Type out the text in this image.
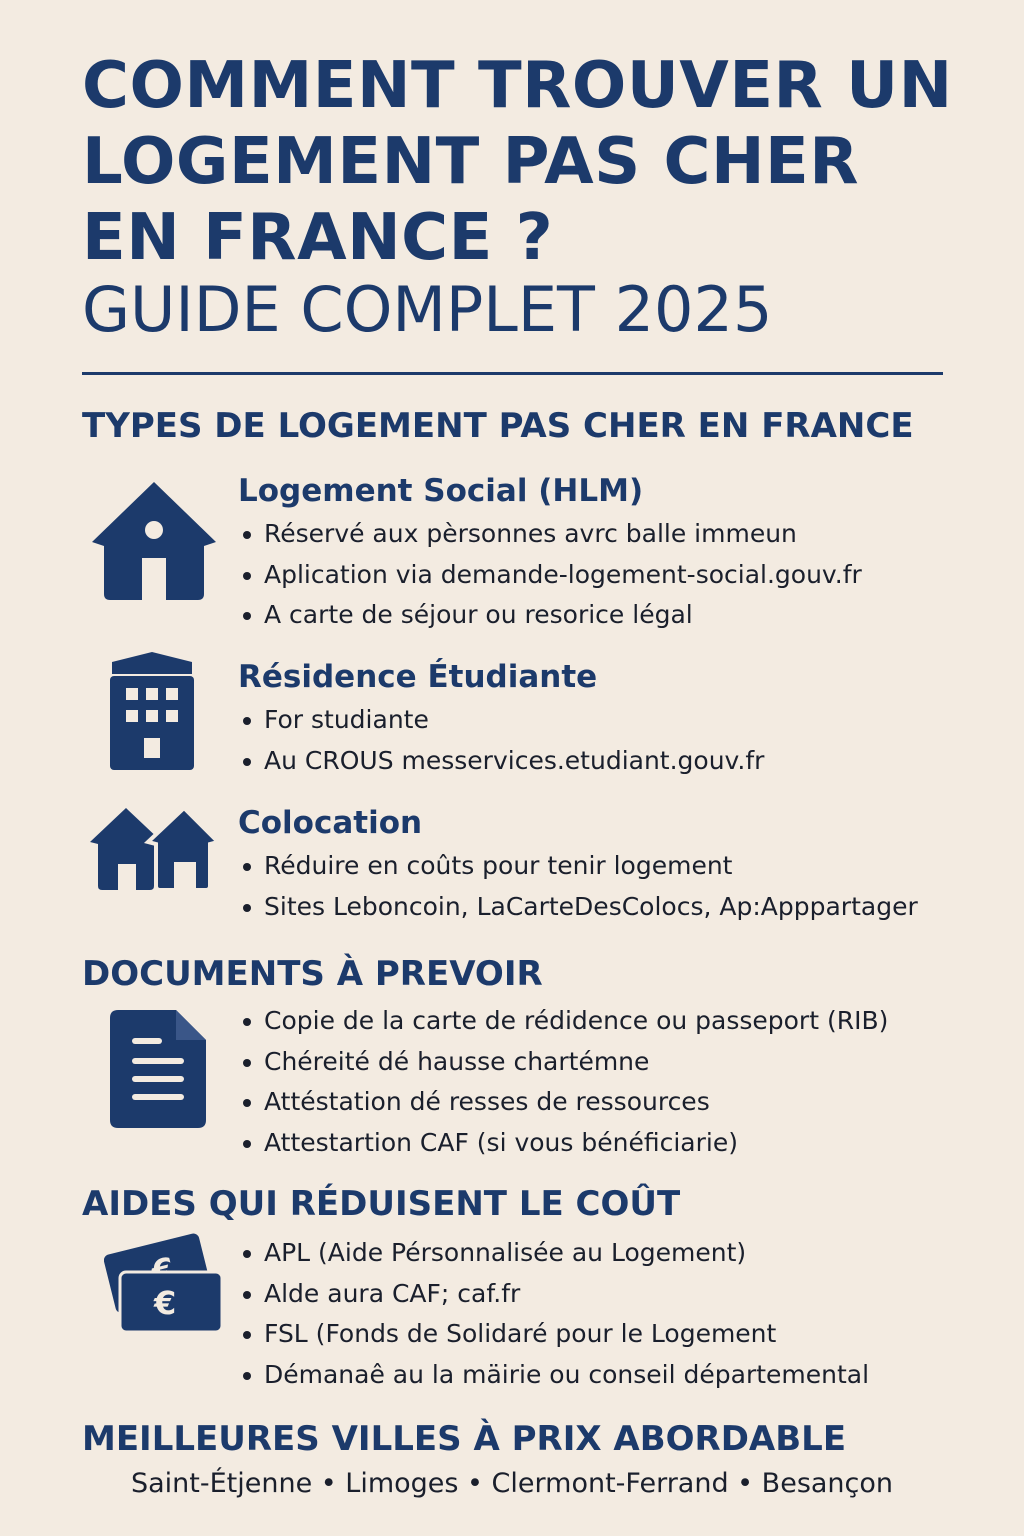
COMMENT TROUVER UN
LOGEMENT PAS CHER
EN FRANCE ?
GUIDE COMPLET 2025
TYPES DE LOGEMENT PAS CHER EN FRANCE

Logement Social (HLM)

Réservé aux pèrsonnes avrc balle immeun
Aplication via demande-logement-social.gouv.fr
A carte de séjour ou resorice légal

Résidence Étudiante

For studiante
Au CROUS messervices.etudiant.gouv.fr

Colocation

Réduire en coûts pour tenir logement
Sites Leboncoin, LaCarteDesColocs, Ap:Apppartager
DOCUMENTS À PREVOIR
Copie de la carte de rédidence ou passeport (RIB)
Chéreité dé hausse chartémne
Attéstation dé resses de ressources
Attestartion CAF (si vous bénéficiarie)
AIDES QUI RÉDUISENT LE COÛT
€
APL (Aide Pérsonnalisée au Logement)
Alde aura CAF; caf.fr
FSL (Fonds de Solidaré pour le Logement
Démanaê au la mäirie ou conseil départemental
MEILLEURES VILLES À PRIX ABORDABLE
Saint-Étjenne • Limoges • Clermont-Ferrand • Besançon
